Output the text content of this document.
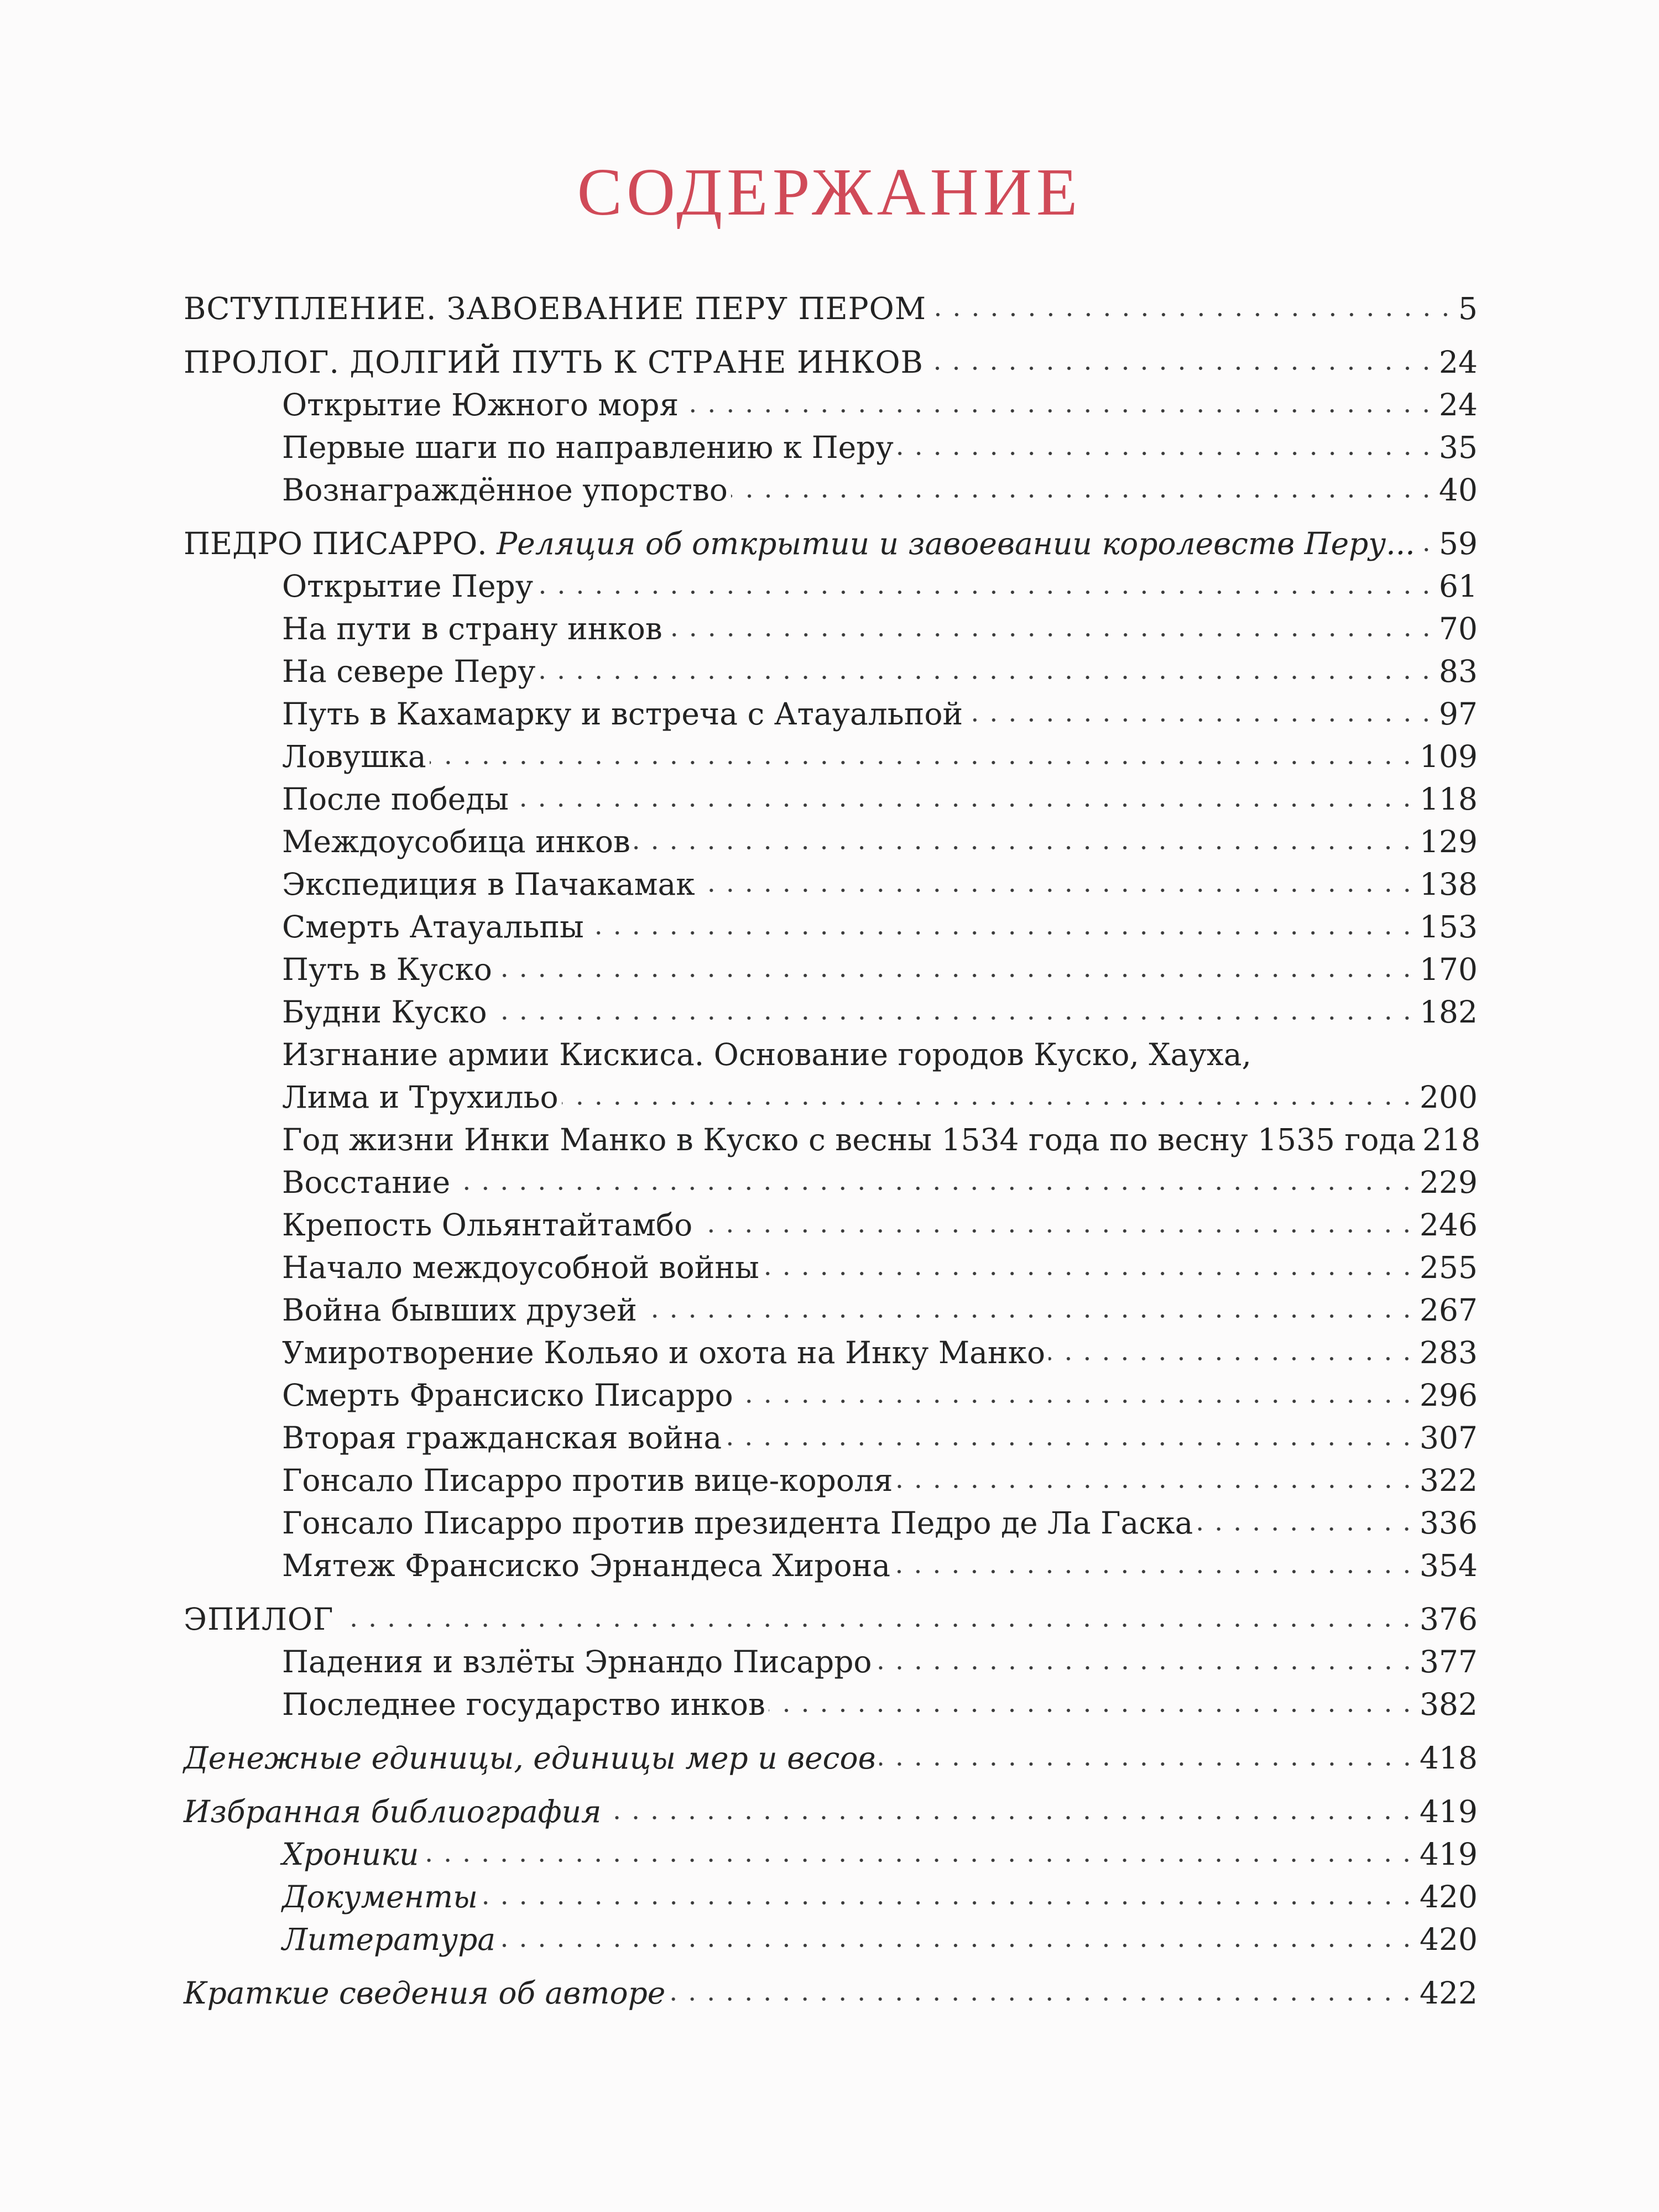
СОДЕРЖАНИЕ
ВСТУПЛЕНИЕ. ЗАВОЕВАНИЕ ПЕРУ ПЕРОМ	5
ПРОЛОГ. ДОЛГИЙ ПУТЬ К СТРАНЕ ИНКОВ	24
Открытие Южного моря	24
Первые шаги по направлению к Перу	35
Вознаграждённое упорство	40
ПЕДРО ПИСАРРО. Реляция об открытии и завоевании королевств Перу... 59
Открытие Перу	61
На пути в страну инков	70
На севере Перу	83
Путь в Кахамарку и встреча с Атауальпой	97
Ловушка	109
После победы	118
Междоусобица инков	129
Экспедиция в Пачакамак	138
Смерть Атауальпы	153
Путь в Куско	170
Будни Куско	182
Изгнание армии Кискиса. Основание городов Куско, Хауха,
Лима и Трухильо	200
Год жизни Инки Манко в Куско с весны 1534 года по весну 1535 года 218
Восстание	229
Крепость Ольянтайтамбо	246
Начало междоусобной войны	255
Война бывших друзей	267
Умиротворение Кольяо и охота на Инку Манко	283
Смерть Франсиско Писарро	296
Вторая гражданская война	307
Гонсало Писарро против вице-короля	322
Гонсало Писарро против президента Педро де Ла Гаска	336
Мятеж Франсиско Эрнандеса Хирона	354
ЭПИЛОГ	376
Падения и взлёты Эрнандо Писарро	377
Последнее государство инков	382
Денежные единицы, единицы мер и весов	418
Избранная библиография	419
Хроники	419
Документы	420
Литература	420
Краткие сведения об авторе	422
